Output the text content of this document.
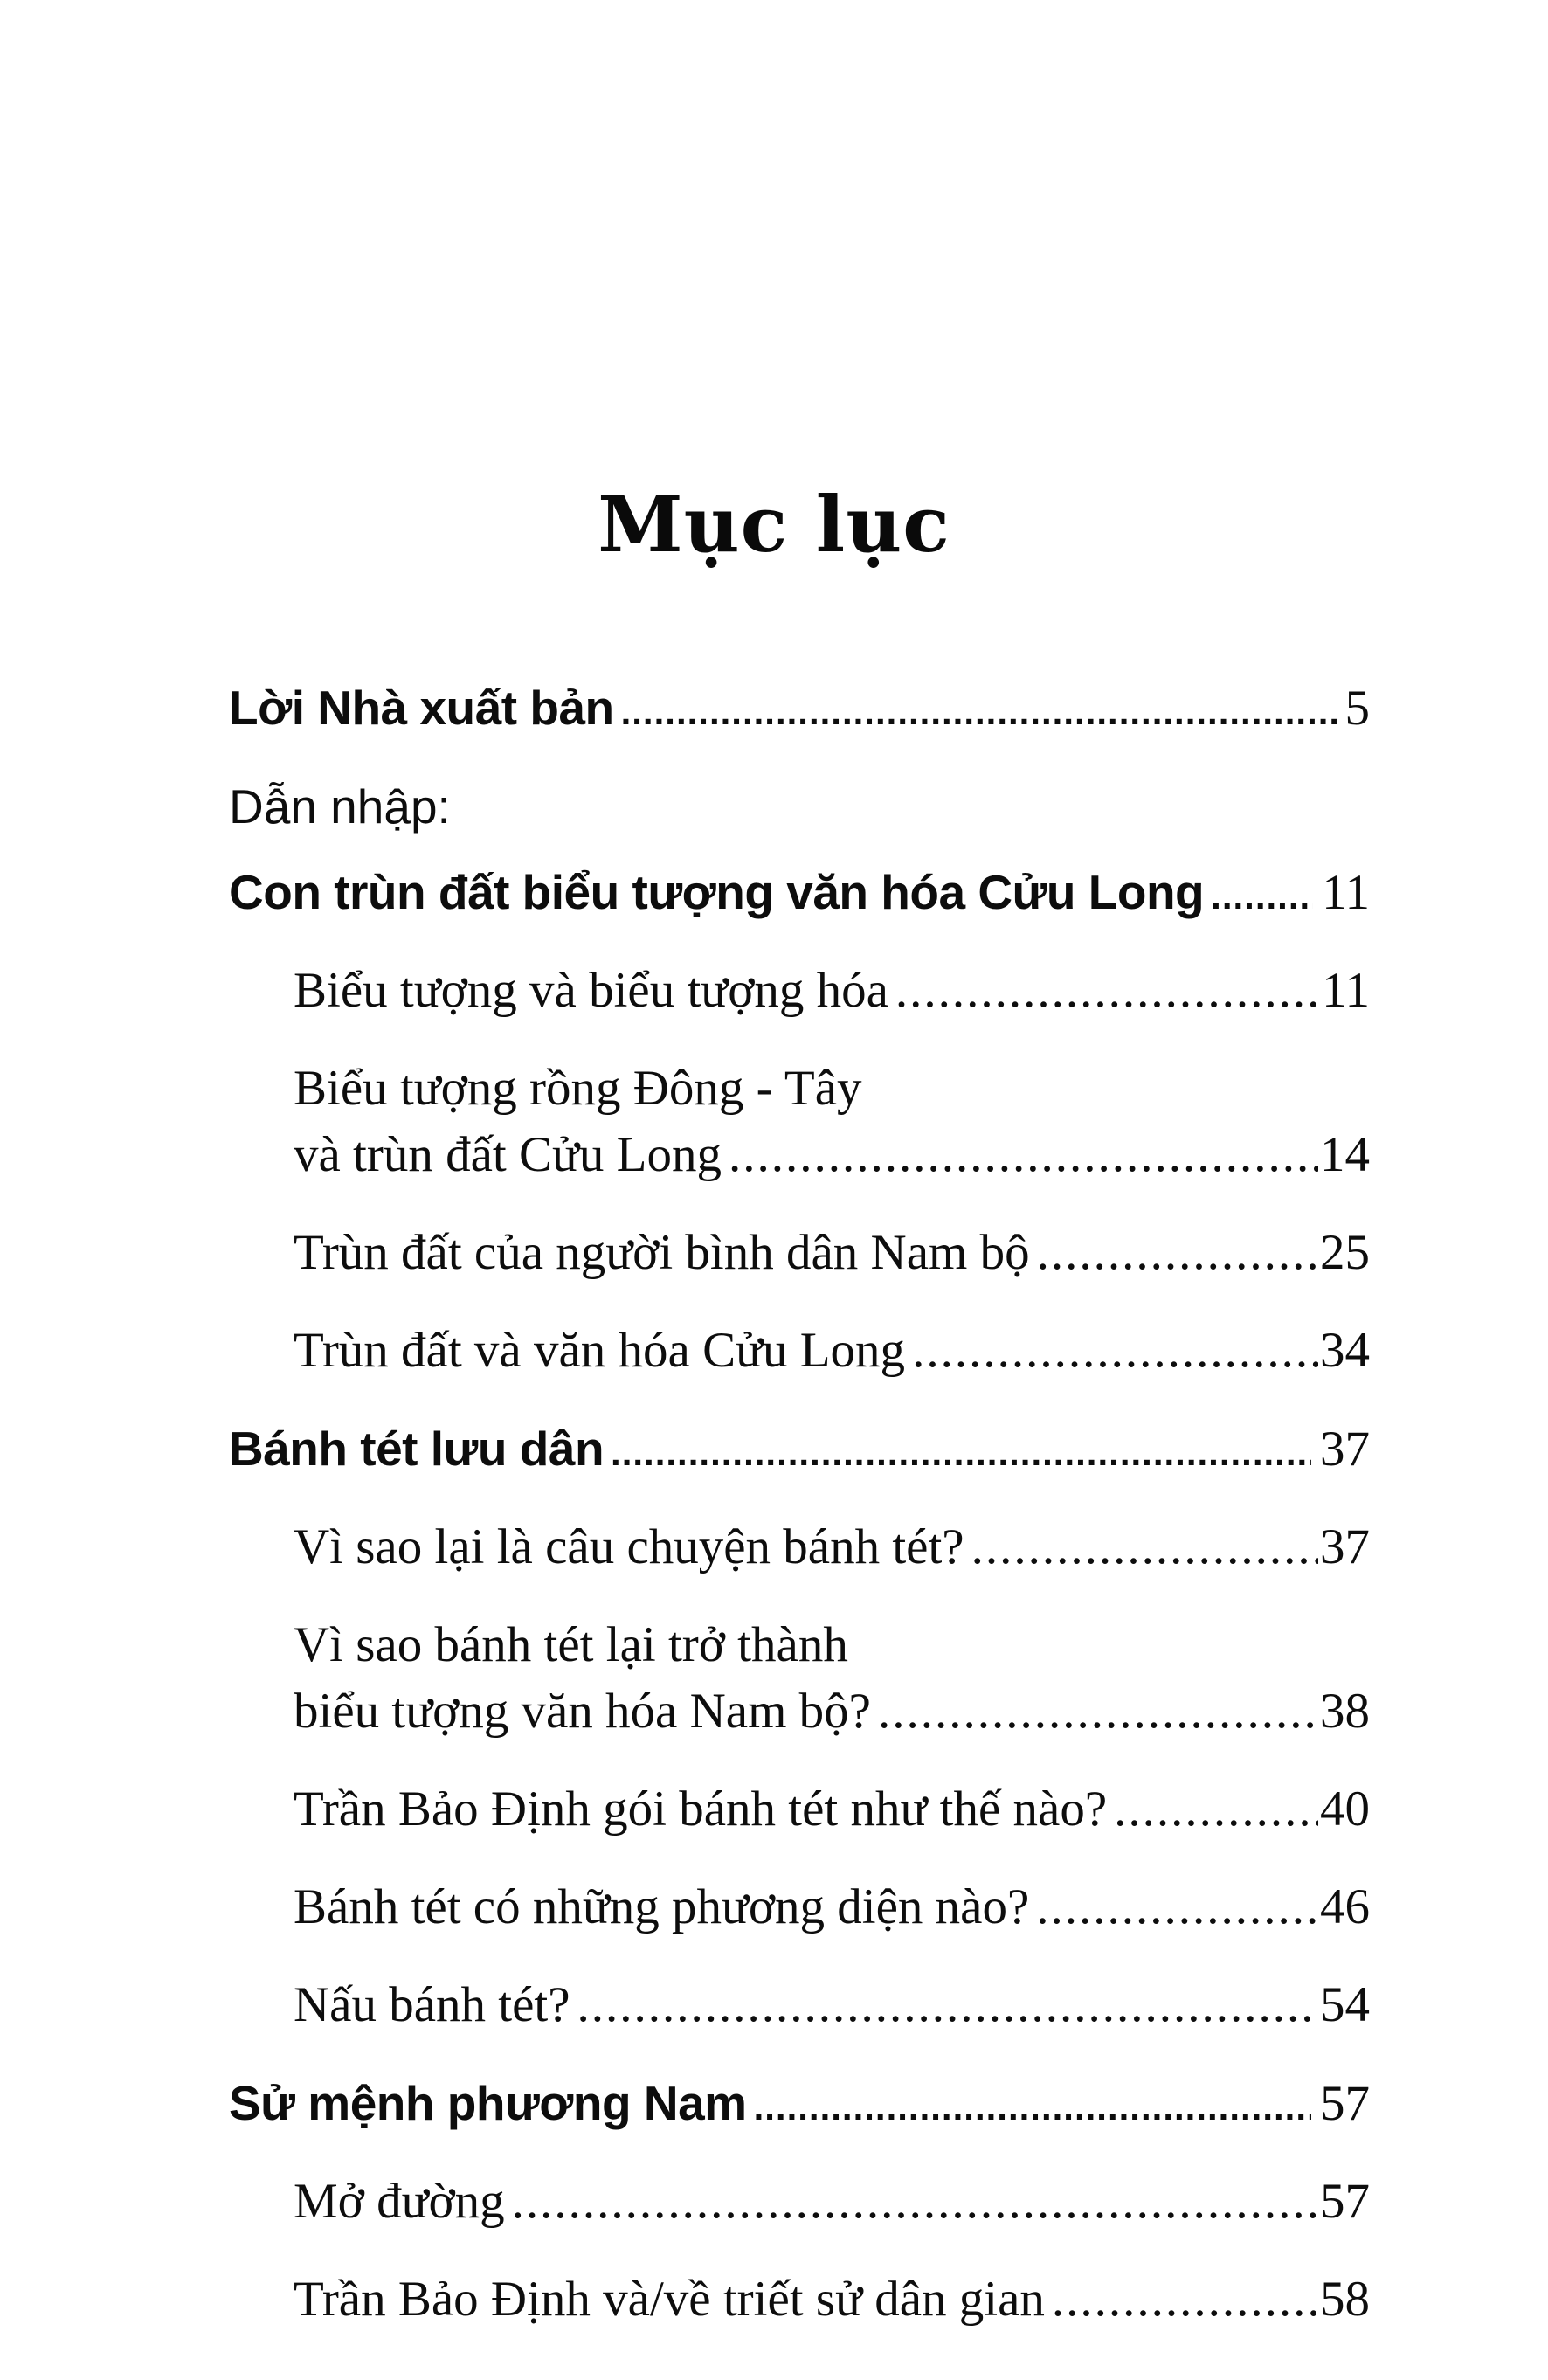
Mục lục
Lời Nhà xuất bản .....	5
Dẫn nhập:
Con trùn đất biểu tượng văn hóa Cửu Long ..... 11
Biểu tượng và biểu tượng hóa .....	11
Biểu tượng rồng Đông - Tây
và trùn đất Cửu Long .....	14
Trùn đất của người bình dân Nam bộ .....	25
Trùn đất và văn hóa Cửu Long .....	34
Bánh tét lưu dân .....	37
Vì sao lại là câu chuyện bánh tét? .....	37
Vì sao bánh tét lại trở thành
biểu tượng văn hóa Nam bộ? .....	38
Trần Bảo Định gói bánh tét như thế nào? .....	40
Bánh tét có những phương diện nào? .....	46
Nấu bánh tét? .....	54
Sử mệnh phương Nam .....	57
Mở đường .....	57
Trần Bảo Định và/về triết sử dân gian .....	58
